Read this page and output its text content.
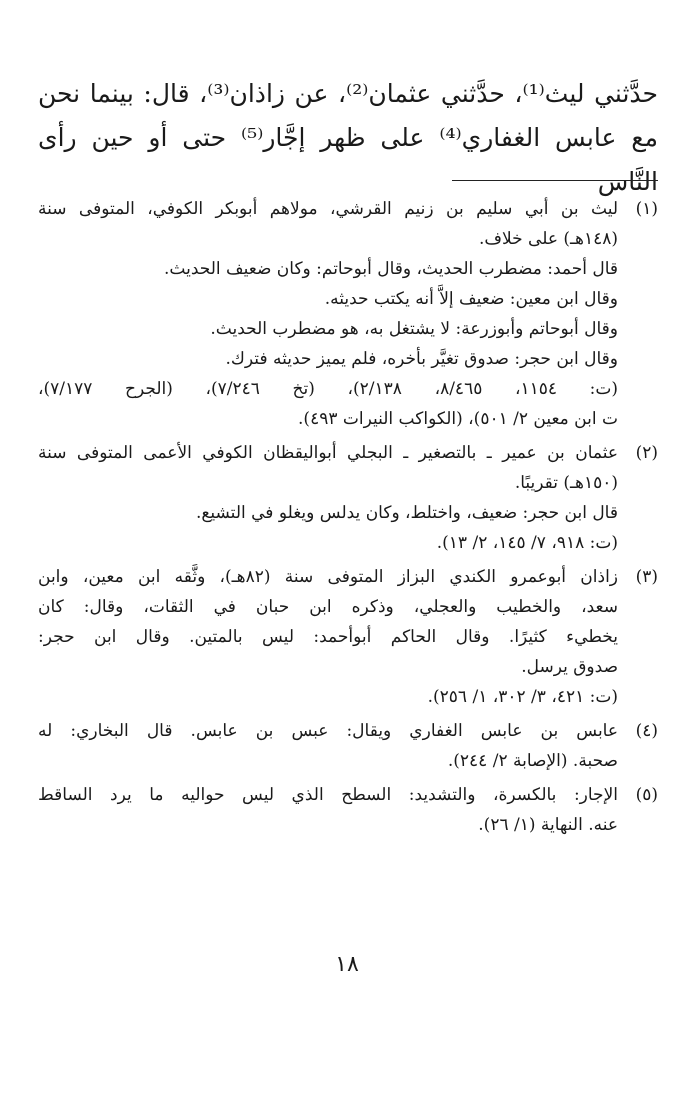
حدَّثني ليث⁽¹⁾، حدَّثني عثمان⁽²⁾، عن زاذان⁽³⁾، قال: بينما نحن

مع عابس الغفاري⁽⁴⁾ على ظهر إجَّار⁽⁵⁾ حتى أو حين رأى النَّاس

(١)
ليث بن أبي سليم بن زنيم القرشي، مولاهم أبوبكر الكوفي، المتوفى سنة
(١٤٨هـ) على خلاف.
قال أحمد: مضطرب الحديث، وقال أبوحاتم: وكان ضعيف الحديث.
وقال ابن معين: ضعيف إلاَّ أنه يكتب حديثه.
وقال أبوحاتم وأبوزرعة: لا يشتغل به، هو مضطرب الحديث.
وقال ابن حجر: صدوق تغيَّر بأخره، فلم يميز حديثه فترك.
(ت: ١١٥٤، ٨/٤٦٥، ٢/١٣٨)، (تخ ٧/٢٤٦)، (الجرح ٧/١٧٧)،
ت ابن معين ٢/ ٥٠١)، (الكواكب النيرات ٤٩٣).
(٢)
عثمان بن عمير ـ بالتصغير ـ البجلي أبواليقظان الكوفي الأعمى المتوفى سنة
(١٥٠هـ) تقريبًا.
قال ابن حجر: ضعيف، واختلط، وكان يدلس ويغلو في التشيع.
(ت: ٩١٨، ٧/ ١٤٥، ٢/ ١٣).
(٣)
زاذان أبوعمرو الكندي البزاز المتوفى سنة (٨٢هـ)، وثَّقه ابن معين، وابن
سعد، والخطيب والعجلي، وذكره ابن حبان في الثقات، وقال: كان
يخطيء كثيرًا. وقال الحاكم أبوأحمد: ليس بالمتين. وقال ابن حجر:
صدوق يرسل.
(ت: ٤٢١، ٣/ ٣٠٢، ١/ ٢٥٦).
(٤)
عابس بن عابس الغفاري ويقال: عبس بن عابس. قال البخاري: له
صحبة. (الإصابة ٢/ ٢٤٤).
(٥)
الإجار: بالكسرة، والتشديد: السطح الذي ليس حواليه ما يرد الساقط
عنه. النهاية (١/ ٢٦).
١٨
